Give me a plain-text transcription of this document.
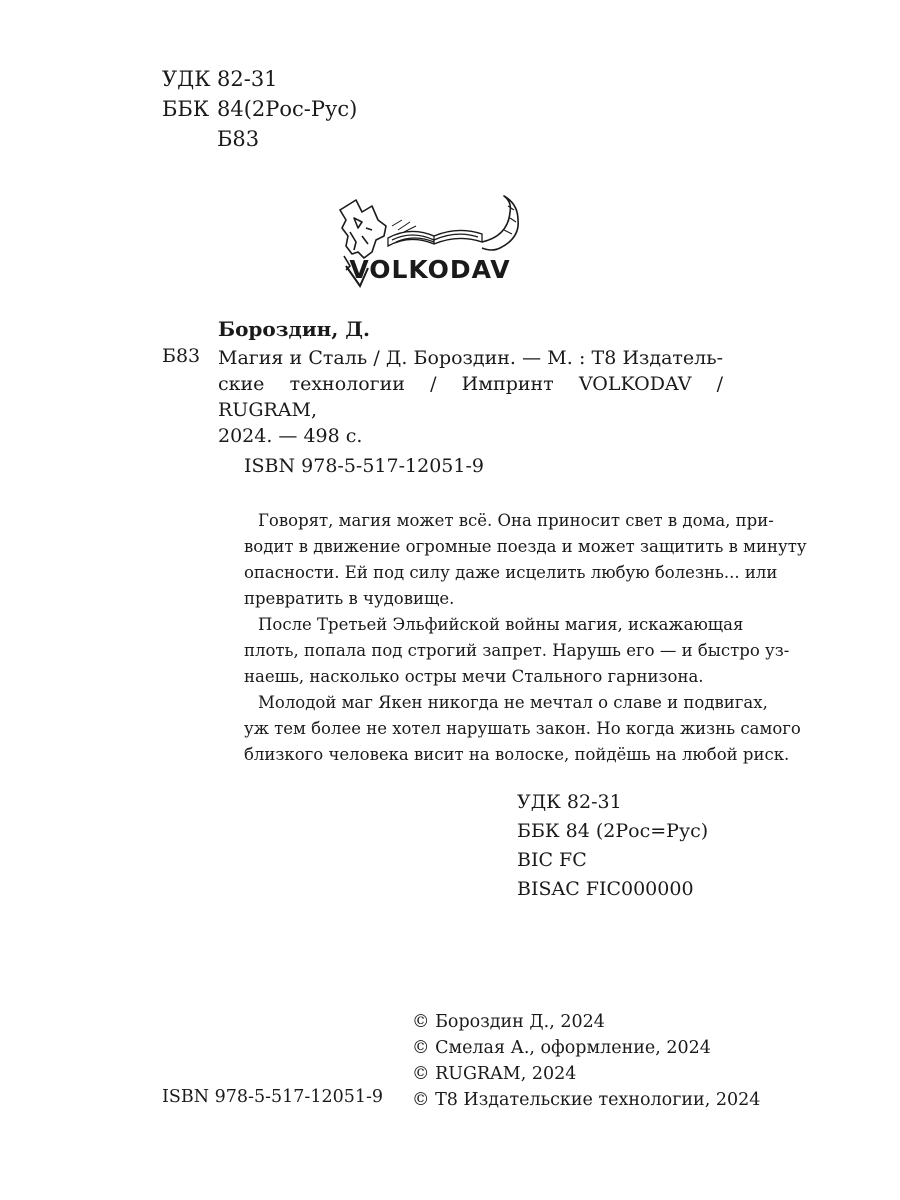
УДК 82-31
ББК 84(2Рос-Рус)
Б83
VOLKODAV
Бороздин, Д.
Б83 Магия и Сталь / Д. Бороздин. — М. : Т8 Издатель-
ские технологии / Импринт VOLKODAV / RUGRAM,
2024. — 498 с.
ISBN 978-5-517-12051-9
Говорят, магия может всё. Она приносит свет в дома, при-
водит в движение огромные поезда и может защитить в минуту
опасности. Ей под силу даже исцелить любую болезнь... или
превратить в чудовище.
После Третьей Эльфийской войны магия, искажающая
плоть, попала под строгий запрет. Нарушь его — и быстро уз-
наешь, насколько остры мечи Стального гарнизона.
Молодой маг Якен никогда не мечтал о славе и подвигах,
уж тем более не хотел нарушать закон. Но когда жизнь самого
близкого человека висит на волоске, пойдёшь на любой риск.
УДК 82-31
ББК 84 (2Рос=Рус)
BIC FC
BISAC FIC000000
© Бороздин Д., 2024
© Смелая А., оформление, 2024
© RUGRAM, 2024
© Т8 Издательские технологии, 2024
ISBN 978-5-517-12051-9
